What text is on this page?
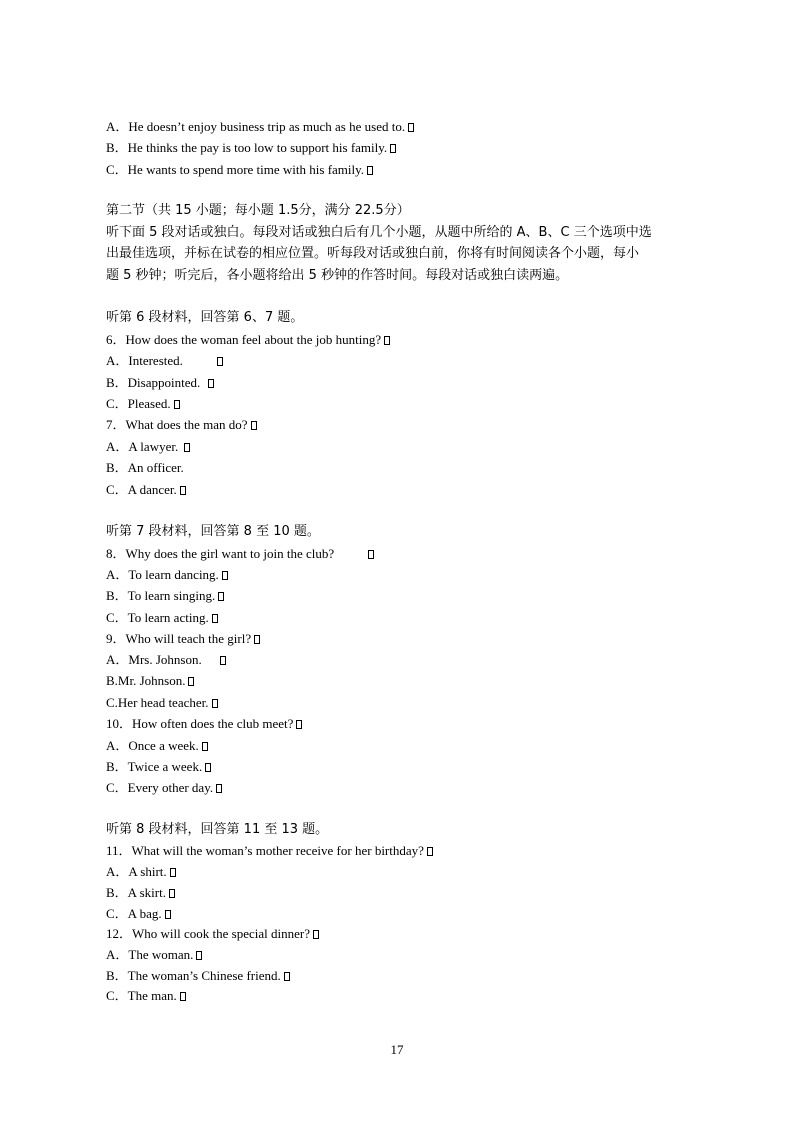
A．He doesn’t enjoy business trip as much as he used to.
B．He thinks the pay is too low to support his family.
C．He wants to spend more time with his family.
第二节（共 15 小题；每小题 1.5分，满分 22.5分）
听下面 5 段对话或独白。每段对话或独白后有几个小题，从题中所给的 A、B、C 三个选项中选
出最佳选项，并标在试卷的相应位置。听每段对话或独白前，你将有时间阅读各个小题，每小
题 5 秒钟；听完后，各小题将给出 5 秒钟的作答时间。每段对话或独白读两遍。
听第 6 段材料，回答第 6、7 题。
6．How does the woman feel about the job hunting?
A．Interested.
B．Disappointed.
C．Pleased.
7．What does the man do?
A．A lawyer.
B．An officer.
C．A dancer.
听第 7 段材料，回答第 8 至 10 题。
8．Why does the girl want to join the club?
A．To learn dancing.
B．To learn singing.
C．To learn acting.
9．Who will teach the girl?
A．Mrs. Johnson.
B.Mr. Johnson.
C.Her head teacher.
10．How often does the club meet?
A．Once a week.
B．Twice a week.
C．Every other day.
听第 8 段材料，回答第 11 至 13 题。
11．What will the woman’s mother receive for her birthday?
A．A shirt.
B．A skirt.
C．A bag.
12．Who will cook the special dinner?
A．The woman.
B．The woman’s Chinese friend.
C．The man.
17
